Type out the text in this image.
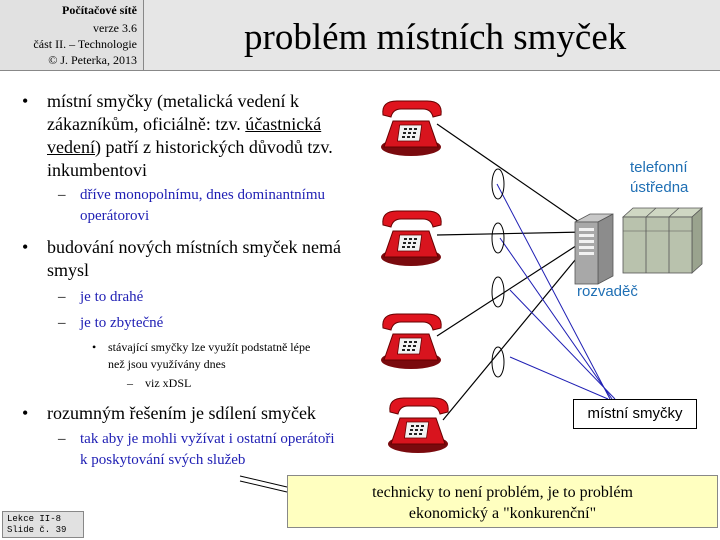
Počítačové sítě
verze 3.6
část II. – Technologie
© J. Peterka, 2013
problém místních smyček
• místní smyčky (metalická vedení k
zákazníkům, oficiálně: tzv. účastnická
vedení) patří z historických důvodů tzv.
inkumbentovi
– dříve monopolnímu, dnes dominantnímu
operátorovi
• budování nových místních smyček nemá
smysl
– je to drahé
– je to zbytečné
• stávající smyčky lze využít podstatně lépe
než jsou využívány dnes
– viz xDSL
• rozumným řešením je sdílení smyček
– tak aby je mohli vyžívat i ostatní operátoři
k poskytování svých služeb
telefonní
ústředna
rozvaděč
místní smyčky
technicky to není problém, je to problém
ekonomický a "konkurenční"
Lekce II-8
Slide č. 39
